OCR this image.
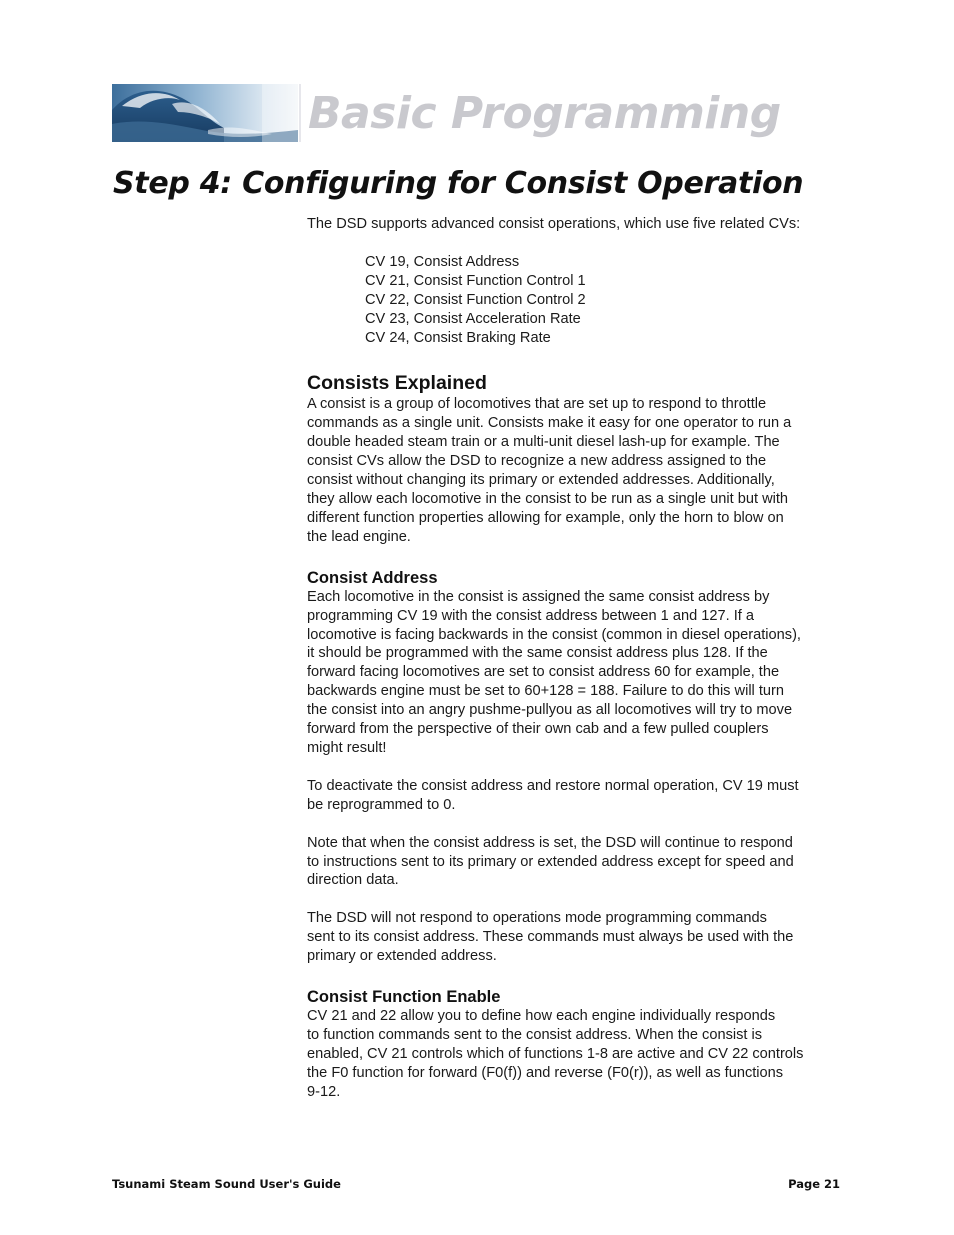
Basic Programming
Step 4: Configuring for Consist Operation

The DSD supports advanced consist operations, which use five related CVs:

CV 19, Consist Address
CV 21, Consist Function Control 1
CV 22, Consist Function Control 2
CV 23, Consist Acceleration Rate
CV 24, Consist Braking Rate
Consists Explained

A consist is a group of locomotives that are set up to respond to throttle
commands as a single unit. Consists make it easy for one operator to run a
double headed steam train or a multi-unit diesel lash-up for example. The
consist CVs allow the DSD to recognize a new address assigned to the
consist without changing its primary or extended addresses. Additionally,
they allow each locomotive in the consist to be run as a single unit but with
different function properties allowing for example, only the horn to blow on
the lead engine.

Consist Address

Each locomotive in the consist is assigned the same consist address by
programming CV 19 with the consist address between 1 and 127. If a
locomotive is facing backwards in the consist (common in diesel operations),
it should be programmed with the same consist address plus 128. If the
forward facing locomotives are set to consist address 60 for example, the
backwards engine must be set to 60+128 = 188. Failure to do this will turn
the consist into an angry pushme-pullyou as all locomotives will try to move
forward from the perspective of their own cab and a few pulled couplers
might result!

To deactivate the consist address and restore normal operation, CV 19 must
be reprogrammed to 0.

Note that when the consist address is set, the DSD will continue to respond
to instructions sent to its primary or extended address except for speed and
direction data.

The DSD will not respond to operations mode programming commands
sent to its consist address. These commands must always be used with the
primary or extended address.

Consist Function Enable

CV 21 and 22 allow you to define how each engine individually responds
to function commands sent to the consist address. When the consist is
enabled, CV 21 controls which of functions 1-8 are active and CV 22 controls
the F0 function for forward (F0(f)) and reverse (F0(r)), as well as functions
9-12.

Tsunami Steam Sound User's Guide	Page 21
